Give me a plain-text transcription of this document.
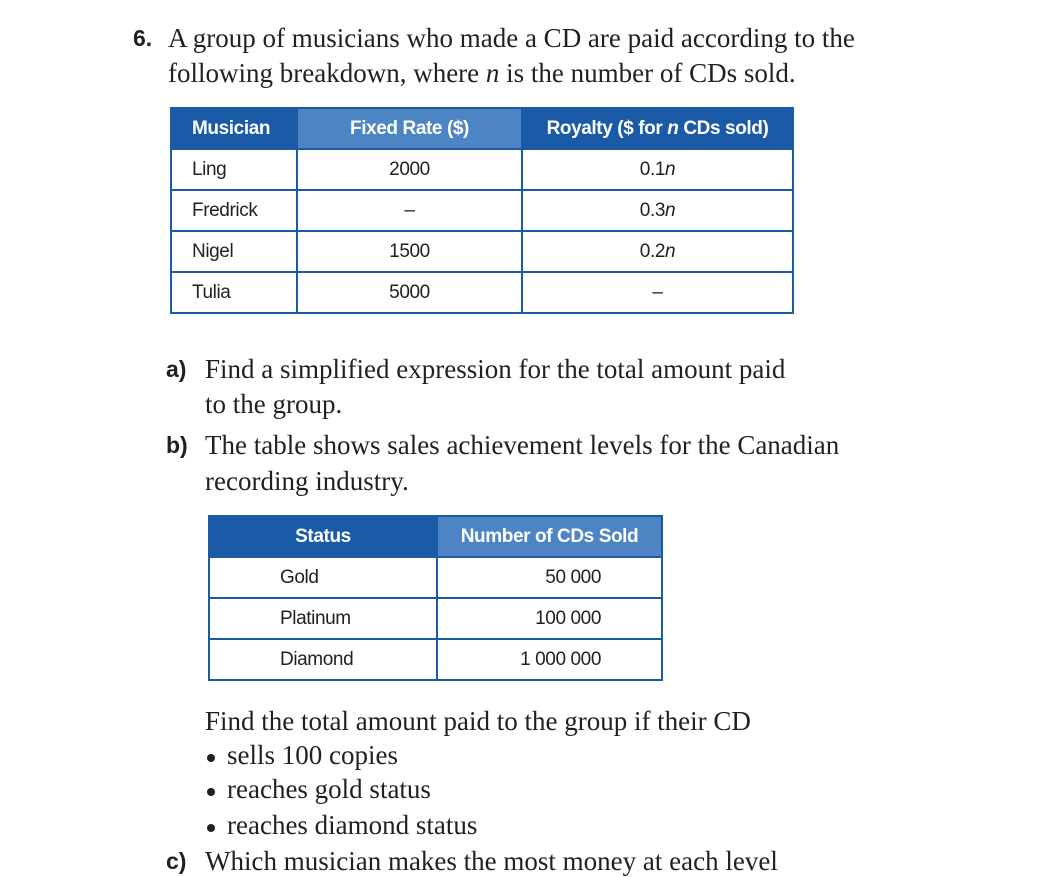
6. A group of musicians who made a CD are paid according to the
following breakdown, where n is the number of CDs sold.
Musician	Fixed Rate ($)	Royalty ($ for n CDs sold)
Ling	2000	0.1n
Fredrick	–	0.3n
Nigel	1500	0.2n
Tulia	5000	–
a) Find a simplified expression for the total amount paid
to the group.
b) The table shows sales achievement levels for the Canadian
recording industry.
Status	Number of CDs Sold
Gold	50 000
Platinum	100 000
Diamond	1 000 000
Find the total amount paid to the group if their CD
sells 100 copies
reaches gold status
reaches diamond status
c) Which musician makes the most money at each level
